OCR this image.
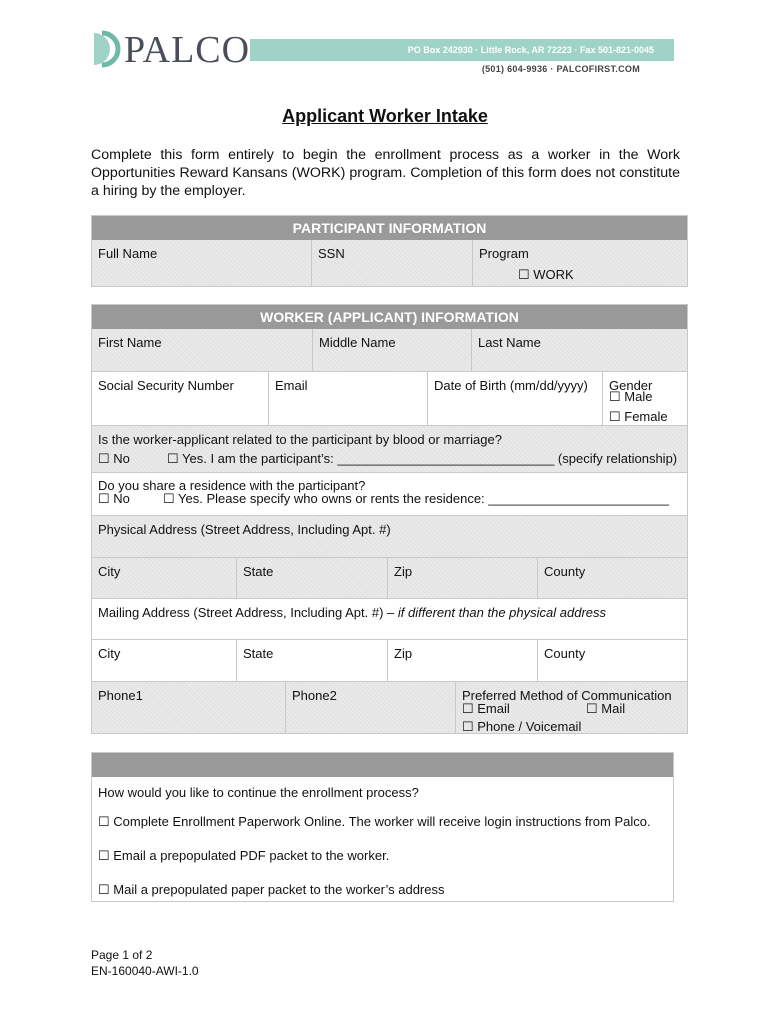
PALCO	PO Box 242930 · Little Rock, AR 72223 · Fax 501-821-0045
(501) 604-9936 · PALCOFIRST.COM
Applicant Worker Intake
Complete this form entirely to begin the enrollment process as a worker in the Work Opportunities Reward Kansans (WORK) program. Completion of this form does not constitute a hiring by the employer.
PARTICIPANT INFORMATION
Full Name	SSN	Program
☐ WORK
WORKER (APPLICANT) INFORMATION
First Name	Middle Name	Last Name
Social Security Number	Email	Date of Birth (mm/dd/yyyy)	Gender
☐ Male
☐ Female
Is the worker-applicant related to the participant by blood or marriage?
☐ No	☐ Yes. I am the participant’s: ______________________________ (specify relationship)
Do you share a residence with the participant?
☐ No	☐ Yes. Please specify who owns or rents the residence: _________________________
Physical Address (Street Address, Including Apt. #)
City	State	Zip	County
Mailing Address (Street Address, Including Apt. #) – if different than the physical address
City	State	Zip	County
Phone1	Phone2	Preferred Method of Communication
☐ Email	☐ Mail
☐ Phone / Voicemail
How would you like to continue the enrollment process?
☐ Complete Enrollment Paperwork Online. The worker will receive login instructions from Palco.
☐ Email a prepopulated PDF packet to the worker.
☐ Mail a prepopulated paper packet to the worker’s address
Page 1 of 2
EN-160040-AWI-1.0
